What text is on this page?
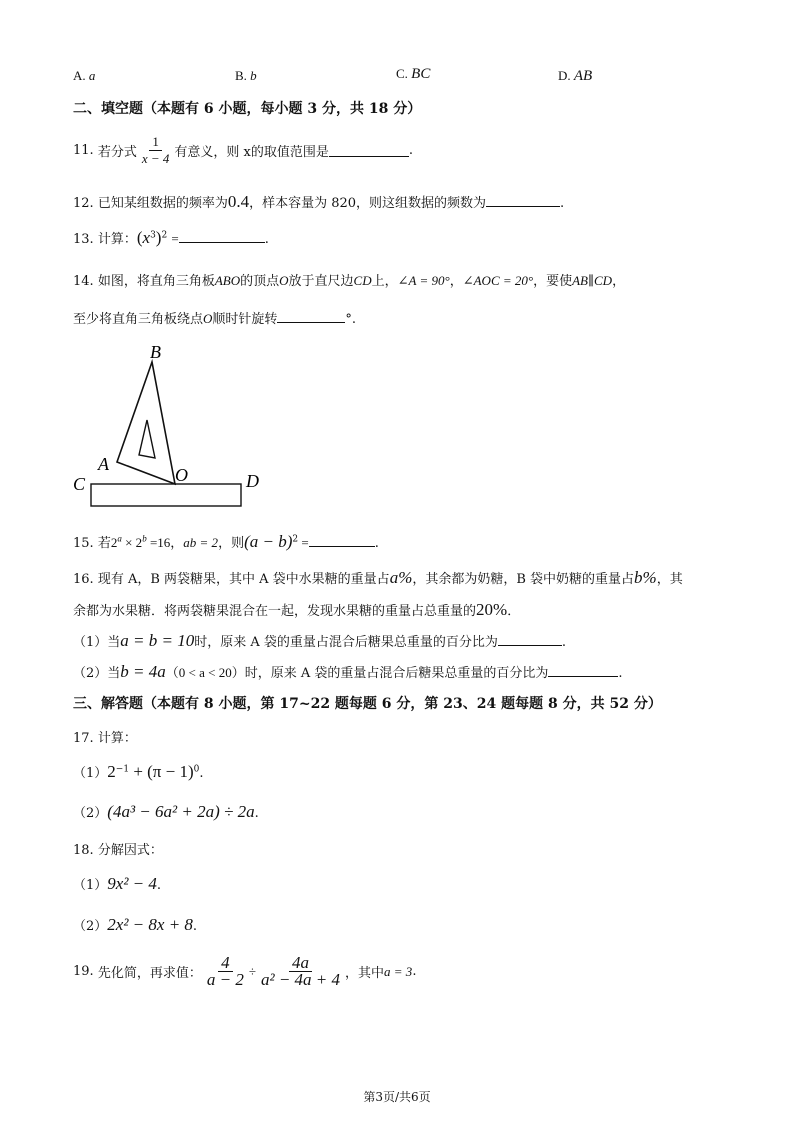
A. a	B. b	C. BC	D. AB
二、填空题（本题有 6 小题，每小题 3 分，共 18 分）
11.
若分式 $\frac{1}{x - 4}$ 有意义，则 x的取值范围是	.
12. 已知某组数据的频率为0.4，样本容量为 820，则这组数据的频数为	.
13. 计算：$(x^3)^2$ =	.
14. 如图，将直角三角板ABO的顶点O放于直尺边CD上，∠A = 90°，∠AOC = 20°，要使AB∥CD，
至少将直角三角板绕点O顺时针旋转	°.
B
A
C	O	D
15. 若$2^a \times 2^b =16$，ab = 2，则$(a - b)^2$ =	.
16. 现有 A，B 两袋糖果，其中 A 袋中水果糖的重量占a%，其余都为奶糖，B 袋中奶糖的重量占b%，其
余都为水果糖．将两袋糖果混合在一起，发现水果糖的重量占总重量的20%．
（1）当a = b = 10时，原来 A 袋的重量占混合后糖果总重量的百分比为	.
（2）当b = 4a（0 < a < 20）时，原来 A 袋的重量占混合后糖果总重量的百分比为	.
三、解答题（本题有 8 小题，第 17~22 题每题 6 分，第 23、24 题每题 8 分，共 52 分）
17. 计算：
$(1)2^{-1} + (\pi - 1)^0$.
（2）(4a³ − 6a² + 2a) ÷ 2a.
18. 分解因式：
（1）9x² − 4.
（2）2x² − 8x + 8.
19.
先化简，再求值： $\frac{4}{a - 2} \div \frac{4a}{\text{a² − 4a + 4}}$ ，其中 a = 3 .
第3页/共6页
